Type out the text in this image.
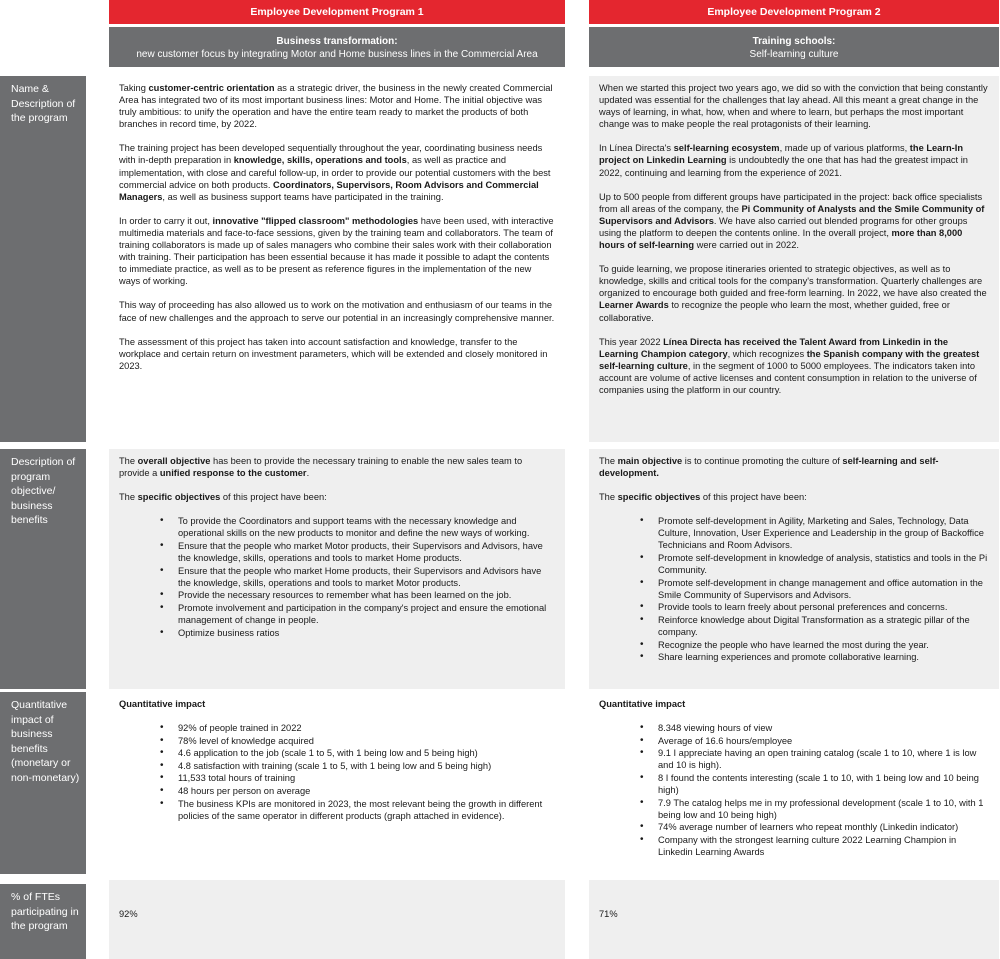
Employee Development Program 1	Employee Development Program 2
Business transformation:
new customer focus by integrating Motor and Home business lines in the Commercial Area
Training schools:
Self-learning culture
Name & Description of the program
Description of program objective/ business benefits
Quantitative impact of business benefits (monetary or non-monetary)
% of FTEs participating in the program

Taking customer-centric orientation as a strategic driver, the business in the newly created Commercial Area has integrated two of its most important business lines: Motor and Home. The initial objective was truly ambitious: to unify the operation and have the entire team ready to market the products of both branches in record time, by 2022.

The training project has been developed sequentially throughout the year, coordinating business needs with in-depth preparation in knowledge, skills, operations and tools, as well as practice and implementation, with close and careful follow-up, in order to provide our potential customers with the best commercial advice on both products. Coordinators, Supervisors, Room Advisors and Commercial Managers, as well as business support teams have participated in the training.

In order to carry it out, innovative "flipped classroom" methodologies have been used, with interactive multimedia materials and face-to-face sessions, given by the training team and collaborators. The team of training collaborators is made up of sales managers who combine their sales work with their collaboration with training. Their participation has been essential because it has made it possible to adapt the contents to immediate practice, as well as to be present as reference figures in the implementation of the new ways of working.

This way of proceeding has also allowed us to work on the motivation and enthusiasm of our teams in the face of new challenges and the approach to serve our potential in an increasingly comprehensive manner.

The assessment of this project has taken into account satisfaction and knowledge, transfer to the workplace and certain return on investment parameters, which will be extended and closely monitored in 2023.

When we started this project two years ago, we did so with the conviction that being constantly updated was essential for the challenges that lay ahead. All this meant a great change in the ways of learning, in what, how, when and where to learn, but perhaps the most important change was to make people the real protagonists of their learning.

In Línea Directa's self-learning ecosystem, made up of various platforms, the Learn-In project on Linkedin Learning is undoubtedly the one that has had the greatest impact in 2022, continuing and learning from the experience of 2021.

Up to 500 people from different groups have participated in the project: back office specialists from all areas of the company, the Pi Community of Analysts and the Smile Community of Supervisors and Advisors. We have also carried out blended programs for other groups using the platform to deepen the contents online. In the overall project, more than 8,000 hours of self-learning were carried out in 2022.

To guide learning, we propose itineraries oriented to strategic objectives, as well as to knowledge, skills and critical tools for the company's transformation. Quarterly challenges are organized to encourage both guided and free-form learning. In 2022, we have also created the Learner Awards to recognize the people who learn the most, whether guided, free or collaborative.

This year 2022 Línea Directa has received the Talent Award from Linkedin in the Learning Champion category, which recognizes the Spanish company with the greatest self-learning culture, in the segment of 1000 to 5000 employees. The indicators taken into account are volume of active licenses and content consumption in relation to the universe of companies using the platform in our country.

The overall objective has been to provide the necessary training to enable the new sales team to provide a unified response to the customer.

The specific objectives of this project have been:

• To provide the Coordinators and support teams with the necessary knowledge and operational skills on the new products to monitor and define the new ways of working.
• Ensure that the people who market Motor products, their Supervisors and Advisors, have the knowledge, skills, operations and tools to market Home products.
• Ensure that the people who market Home products, their Supervisors and Advisors have the knowledge, skills, operations and tools to market Motor products.
• Provide the necessary resources to remember what has been learned on the job.
• Promote involvement and participation in the company's project and ensure the emotional management of change in people.
• Optimize business ratios

The main objective is to continue promoting the culture of self-learning and self-development.

The specific objectives of this project have been:

• Promote self-development in Agility, Marketing and Sales, Technology, Data Culture, Innovation, User Experience and Leadership in the group of Backoffice Technicians and Room Advisors.
• Promote self-development in knowledge of analysis, statistics and tools in the Pi Community.
• Promote self-development in change management and office automation in the Smile Community of Supervisors and Advisors.
• Provide tools to learn freely about personal preferences and concerns.
• Reinforce knowledge about Digital Transformation as a strategic pillar of the company.
• Recognize the people who have learned the most during the year.
• Share learning experiences and promote collaborative learning.
Quantitative impact
• 92% of people trained in 2022
• 78% level of knowledge acquired
• 4.6 application to the job (scale 1 to 5, with 1 being low and 5 being high)
• 4.8 satisfaction with training (scale 1 to 5, with 1 being low and 5 being high)
• 11,533 total hours of training
• 48 hours per person on average
• The business KPIs are monitored in 2023, the most relevant being the growth in different policies of the same operator in different products (graph attached in evidence).
Quantitative impact
• 8.348 viewing hours of view
• Average of 16.6 hours/employee
• 9.1 I appreciate having an open training catalog (scale 1 to 10, where 1 is low and 10 is high).
• 8 I found the contents interesting (scale 1 to 10, with 1 being low and 10 being high)
• 7.9 The catalog helps me in my professional development (scale 1 to 10, with 1 being low and 10 being high)
• 74% average number of learners who repeat monthly (Linkedin indicator)
• Company with the strongest learning culture 2022 Learning Champion in Linkedin Learning Awards
92%	71%
